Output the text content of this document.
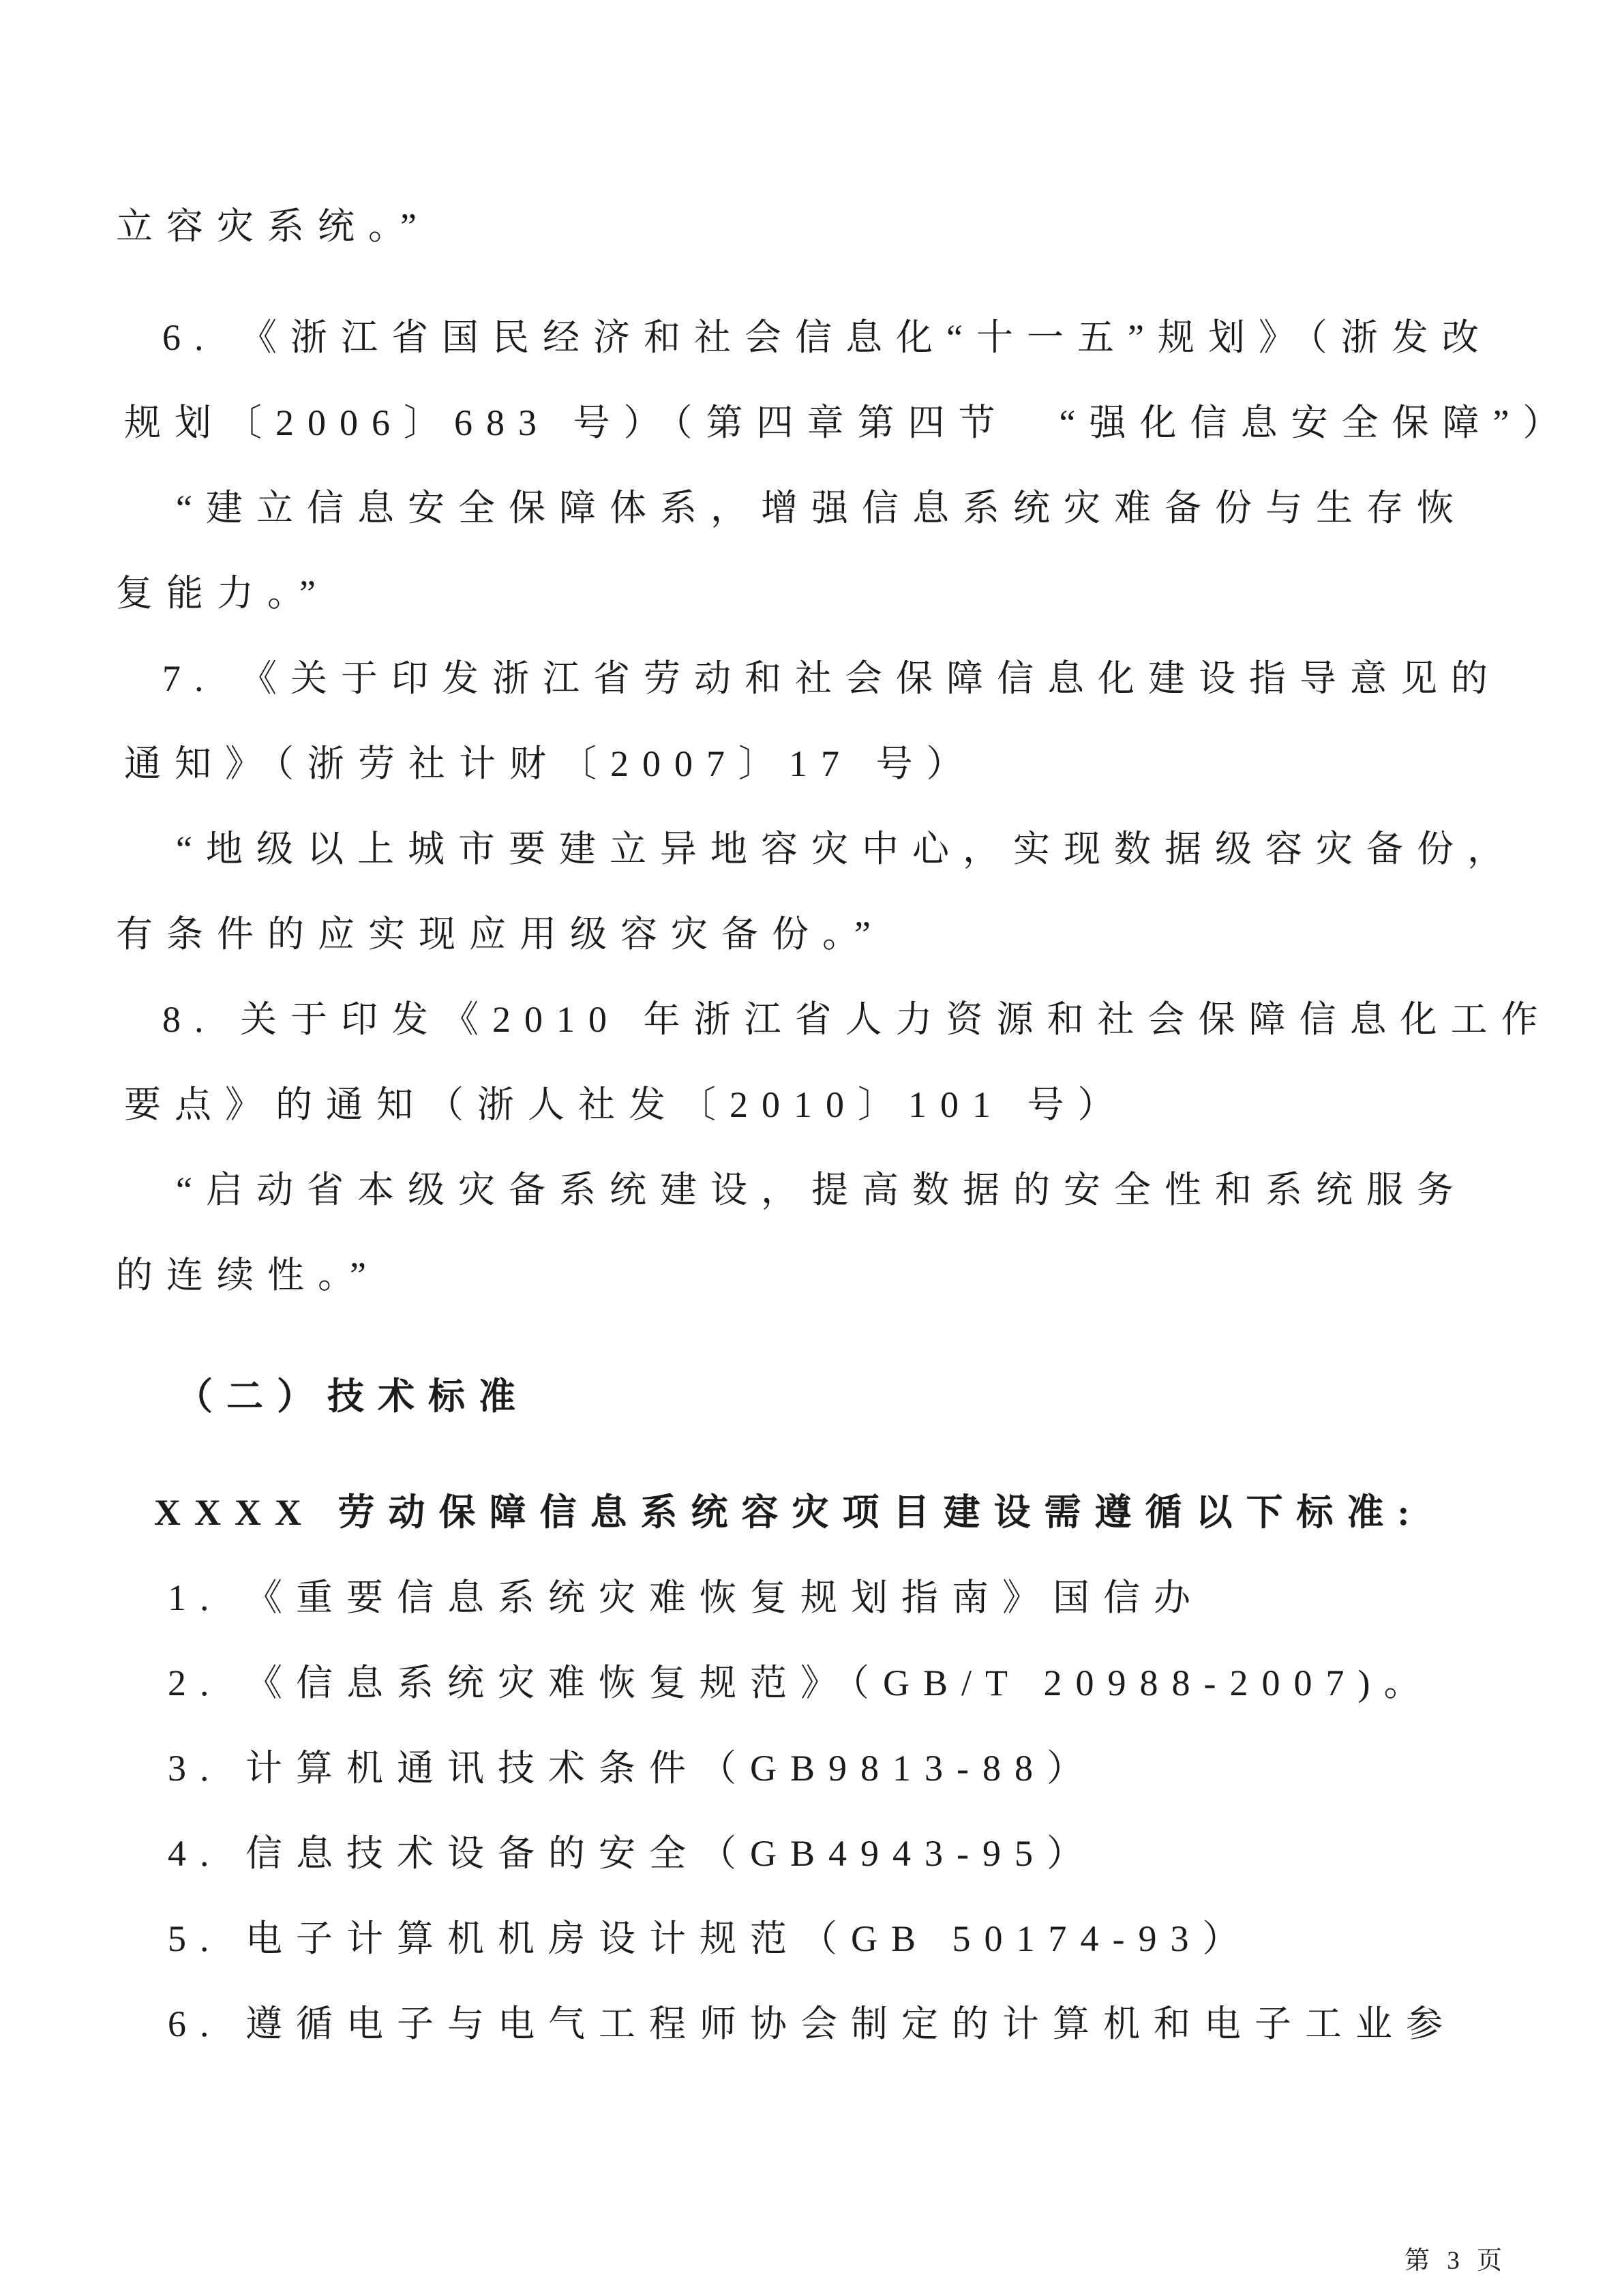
立容灾系统。”
6. 《浙江省国民经济和社会信息化“十一五”规划》（浙发改
规划〔2006〕683 号）（第四章第四节　“强化信息安全保障”）
“建立信息安全保障体系，增强信息系统灾难备份与生存恢
复能力。”
7. 《关于印发浙江省劳动和社会保障信息化建设指导意见的
通知》（浙劳社计财〔2007〕17 号）
“地级以上城市要建立异地容灾中心，实现数据级容灾备份，
有条件的应实现应用级容灾备份。”
8. 关于印发《2010 年浙江省人力资源和社会保障信息化工作
要点》的通知（浙人社发〔2010〕101 号）
“启动省本级灾备系统建设，提高数据的安全性和系统服务
的连续性。”
（二）技术标准
XXXX 劳动保障信息系统容灾项目建设需遵循以下标准:
1. 《重要信息系统灾难恢复规划指南》国信办
2. 《信息系统灾难恢复规范》（GB/T 20988-2007)。
3. 计算机通讯技术条件（GB9813-88）
4. 信息技术设备的安全（GB4943-95）
5. 电子计算机机房设计规范（GB 50174-93）
6. 遵循电子与电气工程师协会制定的计算机和电子工业参
第 3 页
